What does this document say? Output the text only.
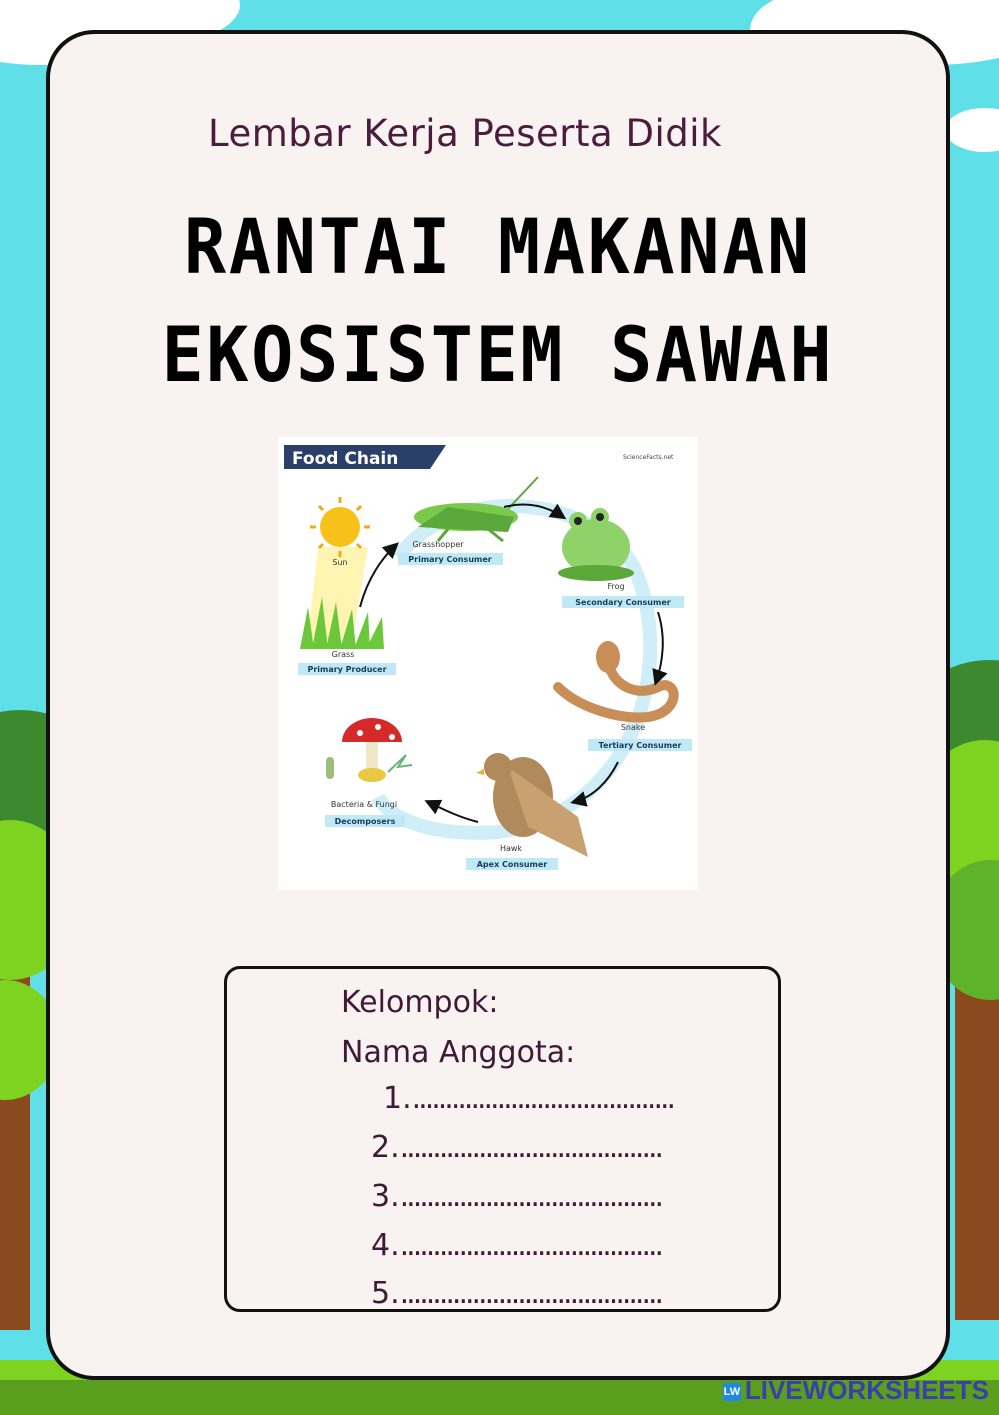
Lembar Kerja Peserta Didik
RANTAI MAKANAN
EKOSISTEM SAWAH
Food Chain	ScienceFacts.net
Sun
Grass
Primary Producer
Grasshopper
Primary Consumer
Frog
Secondary Consumer
Snake
Tertiary Consumer
Hawk
Apex Consumer
Bacteria & Fungi
Decomposers
Kelompok:
Nama Anggota:
1.........................................
2.........................................
3.........................................
4.........................................
5.........................................
LW LIVEWORKSHEETS
